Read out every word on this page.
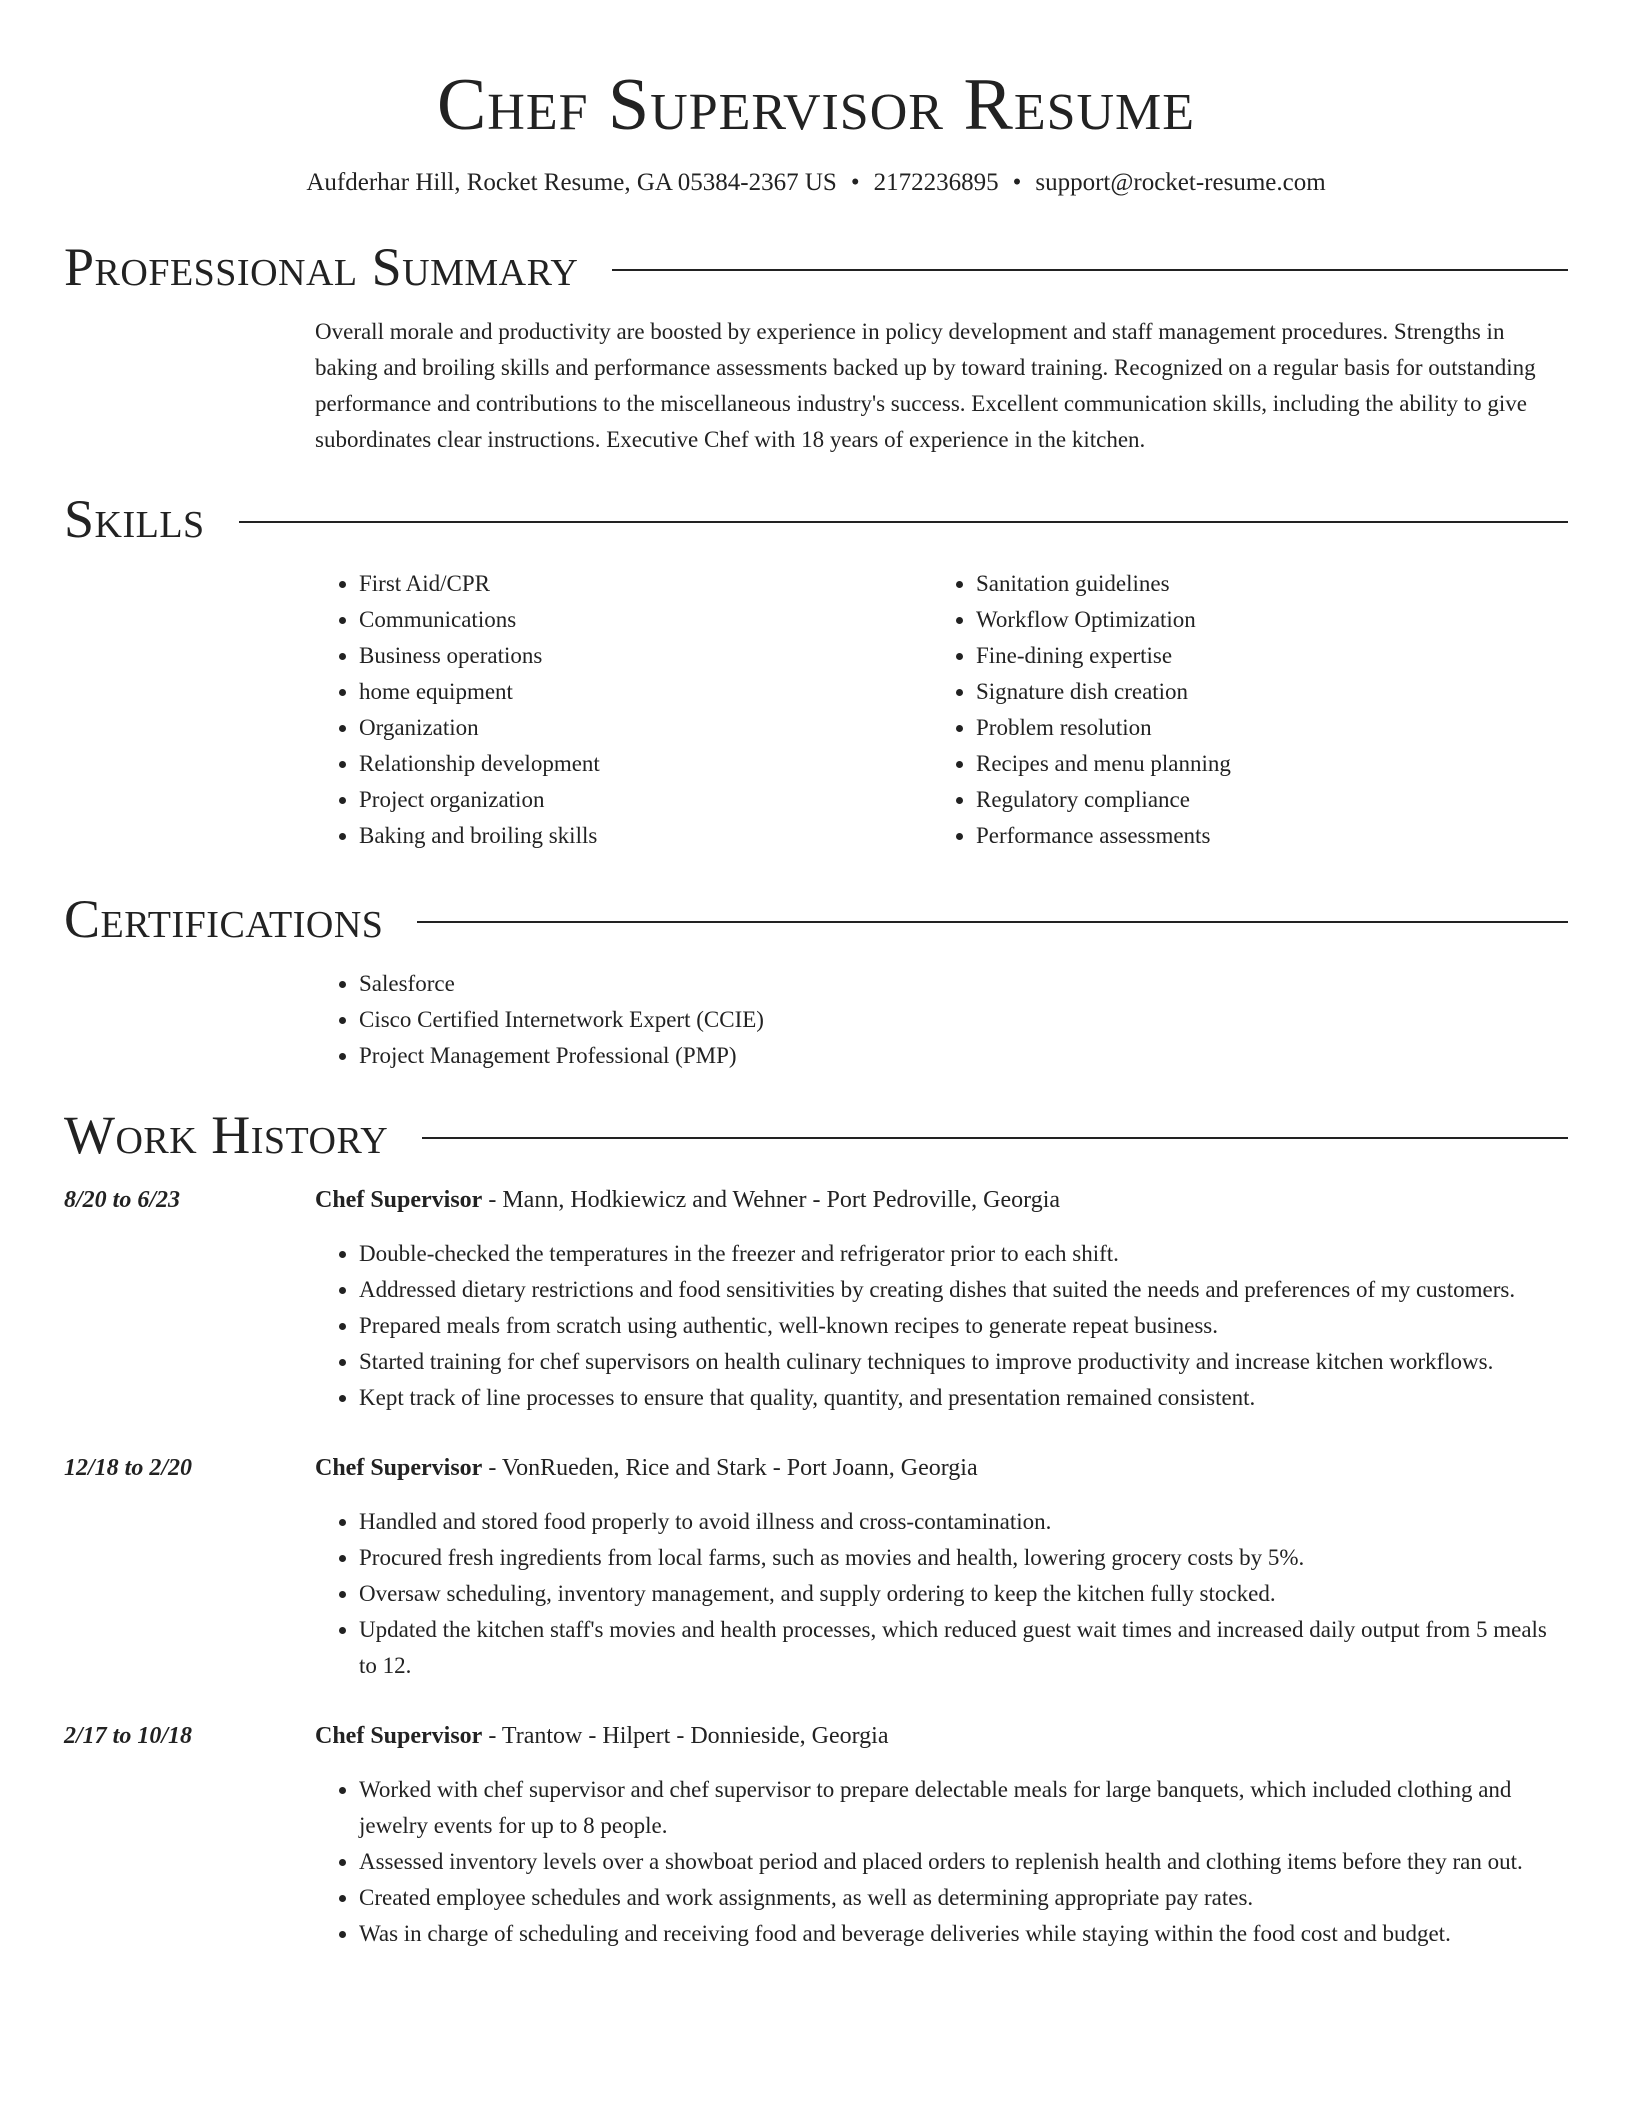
Chef Supervisor Resume
Aufderhar Hill, Rocket Resume, GA 05384-2367 US • 2172236895 • support@rocket-resume.com
Professional Summary

Overall morale and productivity are boosted by experience in policy development and staff management procedures. Strengths in baking and broiling skills and performance assessments backed up by toward training. Recognized on a regular basis for outstanding performance and contributions to the miscellaneous industry's success. Excellent communication skills, including the ability to give subordinates clear instructions. Executive Chef with 18 years of experience in the kitchen.

Skills
• First Aid/CPR
• Communications
• Business operations
• home equipment
• Organization
• Relationship development
• Project organization
• Baking and broiling skills
• Sanitation guidelines
• Workflow Optimization
• Fine-dining expertise
• Signature dish creation
• Problem resolution
• Recipes and menu planning
• Regulatory compliance
• Performance assessments
Certifications
• Salesforce
• Cisco Certified Internetwork Expert (CCIE)
• Project Management Professional (PMP)
Work History
8/20 to 6/23	Chef Supervisor - Mann, Hodkiewicz and Wehner - Port Pedroville, Georgia
• Double-checked the temperatures in the freezer and refrigerator prior to each shift.
• Addressed dietary restrictions and food sensitivities by creating dishes that suited the needs and preferences of my customers.
• Prepared meals from scratch using authentic, well-known recipes to generate repeat business.
• Started training for chef supervisors on health culinary techniques to improve productivity and increase kitchen workflows.
• Kept track of line processes to ensure that quality, quantity, and presentation remained consistent.
12/18 to 2/20	Chef Supervisor - VonRueden, Rice and Stark - Port Joann, Georgia
• Handled and stored food properly to avoid illness and cross-contamination.
• Procured fresh ingredients from local farms, such as movies and health, lowering grocery costs by 5%.
• Oversaw scheduling, inventory management, and supply ordering to keep the kitchen fully stocked.
• Updated the kitchen staff's movies and health processes, which reduced guest wait times and increased daily output from 5 meals to 12.
2/17 to 10/18	Chef Supervisor - Trantow - Hilpert - Donnieside, Georgia
• Worked with chef supervisor and chef supervisor to prepare delectable meals for large banquets, which included clothing and jewelry events for up to 8 people.
• Assessed inventory levels over a showboat period and placed orders to replenish health and clothing items before they ran out.
• Created employee schedules and work assignments, as well as determining appropriate pay rates.
• Was in charge of scheduling and receiving food and beverage deliveries while staying within the food cost and budget.
